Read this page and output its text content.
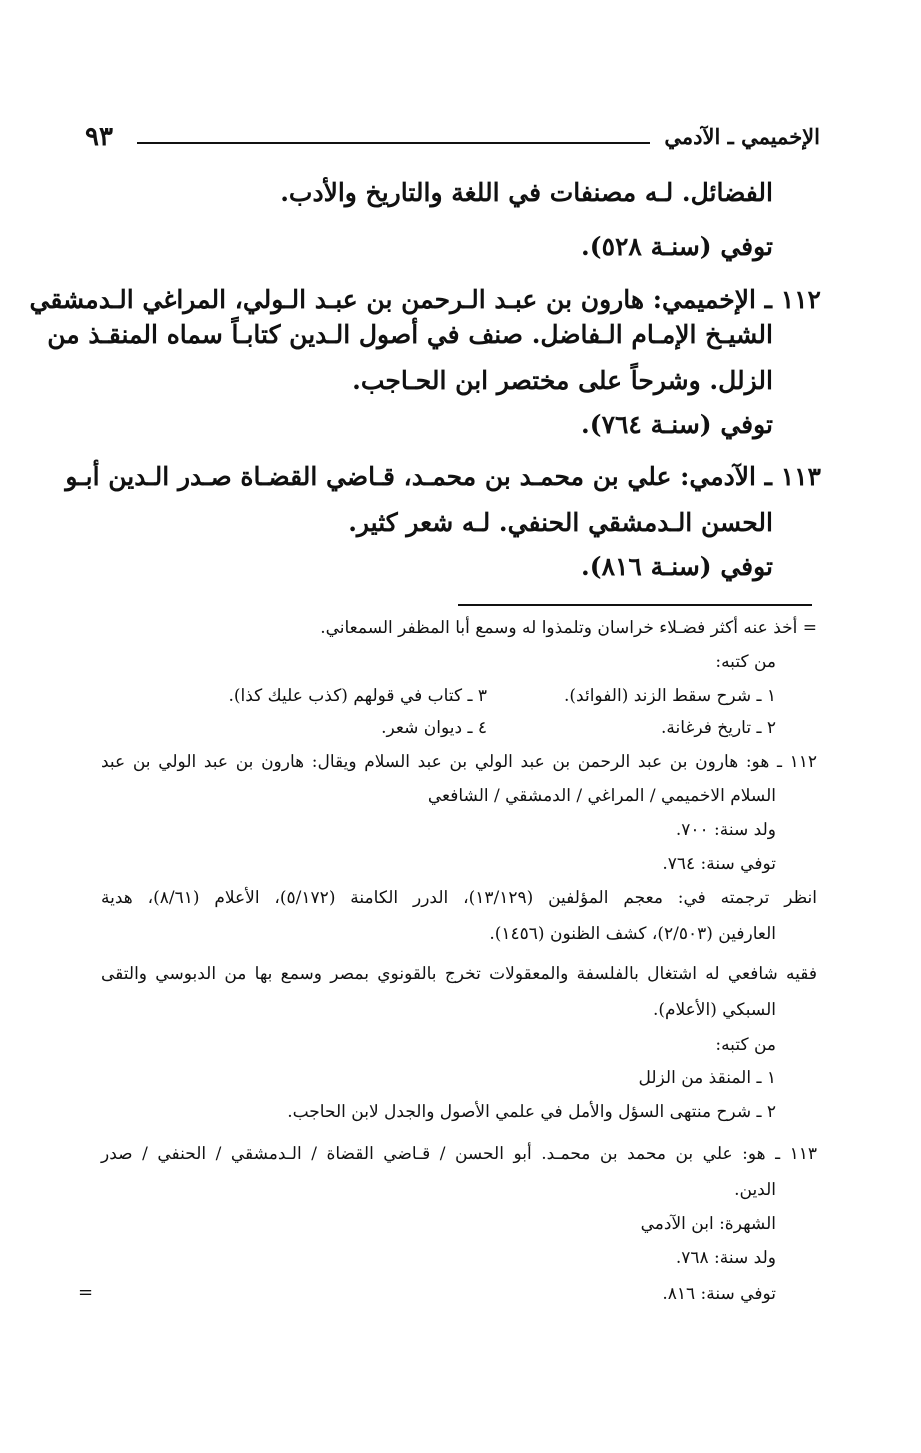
٩٣	الإخميمي ـ الآدمي
الفضائل. لـه مصنفات في اللغة والتاريخ والأدب.
توفي (سنـة ٥٢٨).
١١٢ ـ الإخميمي: هارون بن عبـد الـرحمن بن عبـد الـولي، المراغي الـدمشقي
الشيـخ الإمـام الـفاضل. صنف في أصول الـدين كتابـاً سماه المنقـذ من
الزلل. وشرحاً على مختصر ابن الحـاجب.
توفي (سنـة ٧٦٤).
١١٣ ـ الآدمي: علي بن محمـد بن محمـد، قـاضي القضـاة صـدر الـدين أبـو
الحسن الـدمشقي الحنفي. لـه شعر كثير.
توفي (سنـة ٨١٦).
= أخذ عنه أكثر فضـلاء خراسان وتلمذوا له وسمع أبا المظفر السمعاني.
من كتبه:
١ ـ شرح سقط الزند (الفوائد).
٣ ـ كتاب في قولهم (كذب عليك كذا).
٢ ـ تاريخ فرغانة.
٤ ـ ديوان شعر.
١١٢ ـ هو: هارون بن عبد الرحمن بن عبد الولي بن عبد السلام ويقال: هارون بن عبد الولي بن عبد
السلام الاخميمي / المراغي / الدمشقي / الشافعي
ولد سنة: ٧٠٠.
توفي سنة: ٧٦٤.
انظر ترجمته في: معجم المؤلفين (١٣/١٢٩)، الدرر الكامنة (٥/١٧٢)، الأعلام (٨/٦١)، هدية
العارفين (٢/٥٠٣)، كشف الظنون (١٤٥٦).
فقيه شافعي له اشتغال بالفلسفة والمعقولات تخرج بالقونوي بمصر وسمع بها من الدبوسي والتقى
السبكي (الأعلام).
من كتبه:
١ ـ المنقذ من الزلل
٢ ـ شرح منتهى السؤل والأمل في علمي الأصول والجدل لابن الحاجب.
١١٣ ـ هو: علي بن محمد بن محمـد. أبو الحسن / قـاضي القضاة / الـدمشقي / الحنفي / صدر
الدين.
الشهرة: ابن الآدمي
ولد سنة: ٧٦٨.
توفي سنة: ٨١٦.
=
